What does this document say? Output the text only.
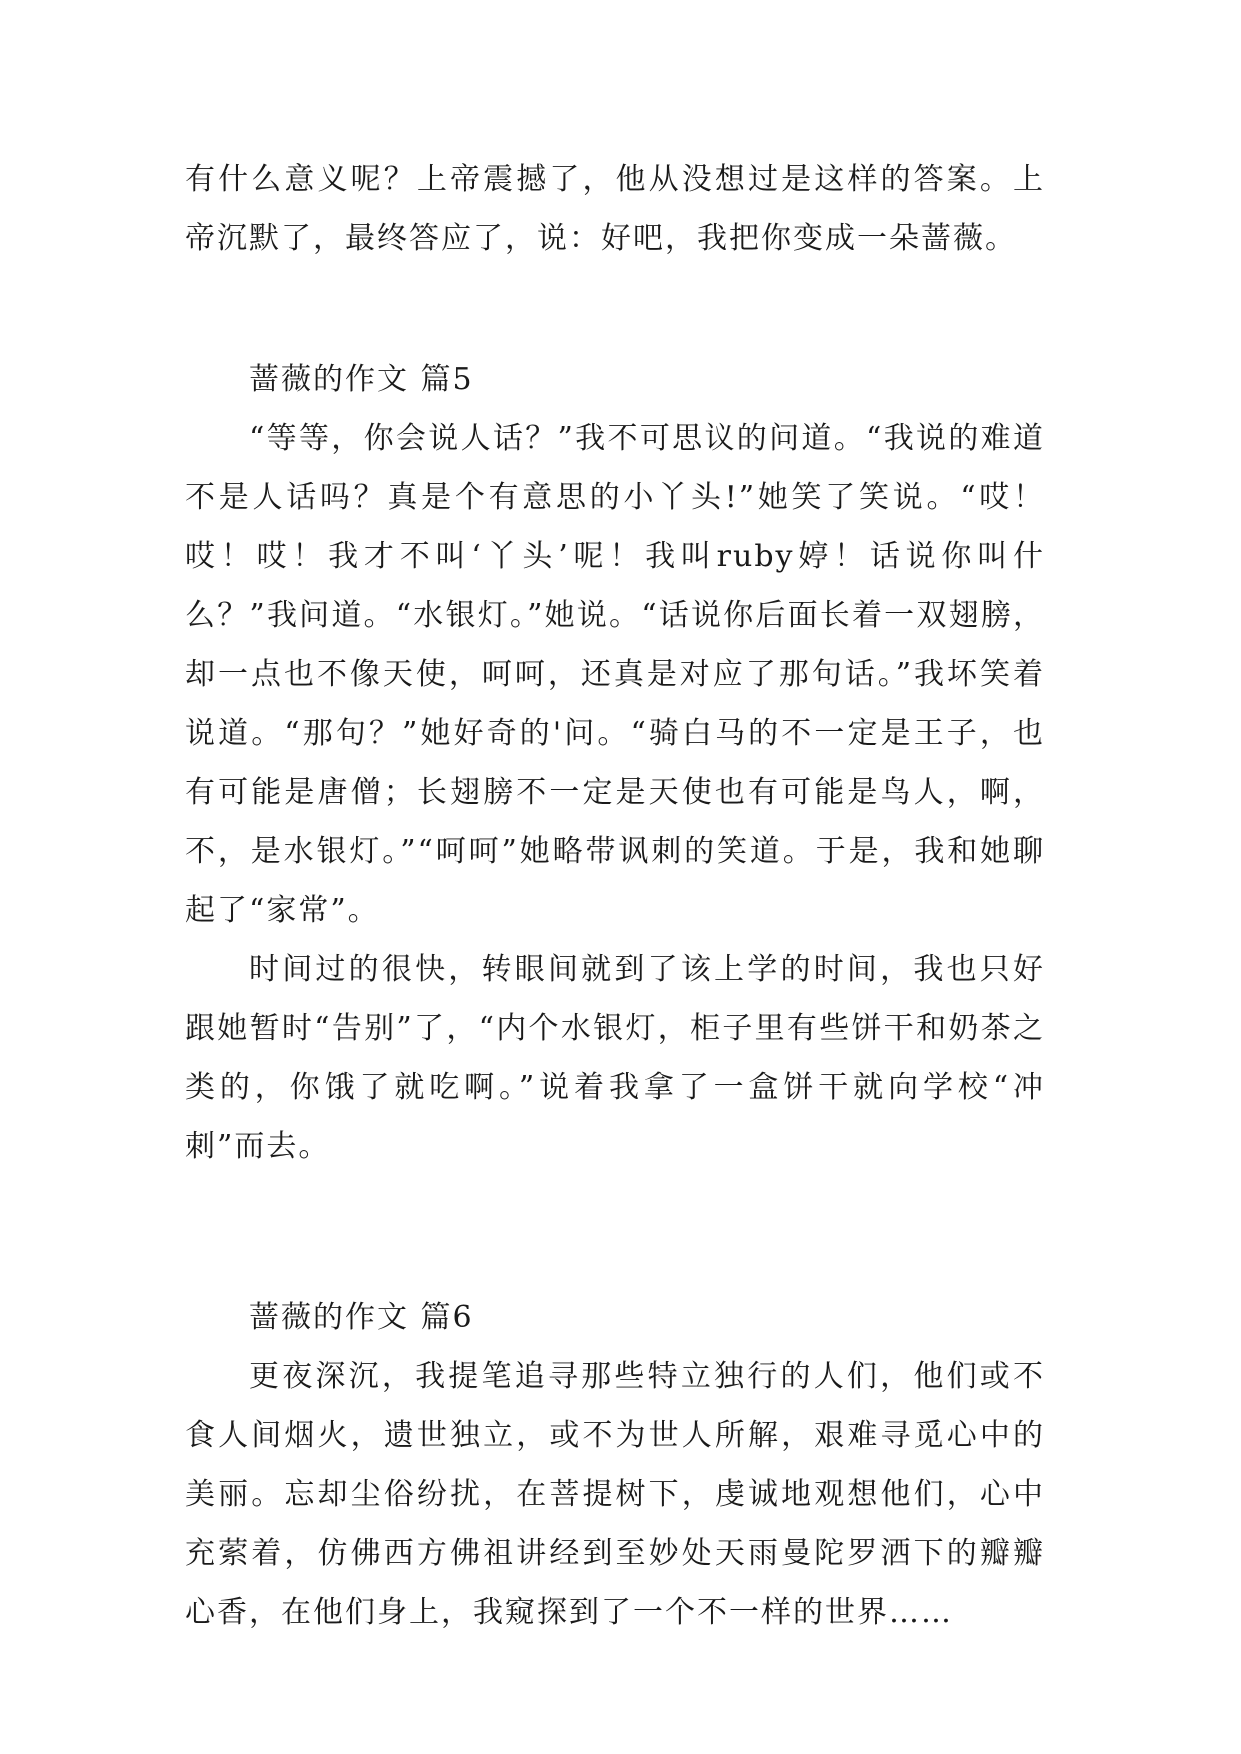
有什么意义呢？上帝震撼了，他从没想过是这样的答案。上帝沉默了，最终答应了，说：好吧，我把你变成一朵蔷薇。

蔷薇的作文 篇5

“等等，你会说人话？”我不可思议的问道。“我说的难道不是人话吗？真是个有意思的小丫头!”她笑了笑说。“哎！哎！哎！我才不叫‘丫头’呢！我叫ruby婷！话说你叫什么？”我问道。“水银灯。”她说。“话说你后面长着一双翅膀，却一点也不像天使，呵呵，还真是对应了那句话。”我坏笑着说道。“那句？”她好奇的'问。“骑白马的不一定是王子，也有可能是唐僧；长翅膀不一定是天使也有可能是鸟人，啊，不，是水银灯。”“呵呵”她略带讽刺的笑道。于是，我和她聊起了“家常”。

时间过的很快，转眼间就到了该上学的时间，我也只好跟她暂时“告别”了，“内个水银灯，柜子里有些饼干和奶茶之类的，你饿了就吃啊。”说着我拿了一盒饼干就向学校“冲刺”而去。

蔷薇的作文 篇6

更夜深沉，我提笔追寻那些特立独行的人们，他们或不食人间烟火，遗世独立，或不为世人所解，艰难寻觅心中的美丽。忘却尘俗纷扰，在菩提树下，虔诚地观想他们，心中充萦着，仿佛西方佛祖讲经到至妙处天雨曼陀罗洒下的瓣瓣心香，在他们身上，我窥探到了一个不一样的世界……
